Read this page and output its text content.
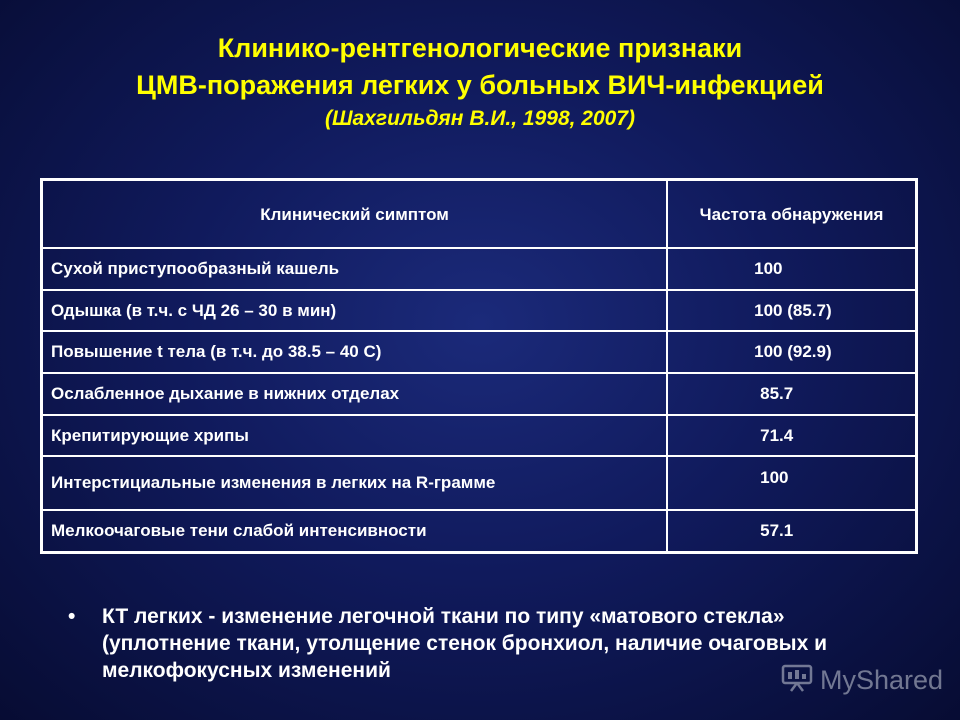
Клинико-рентгенологические признаки
ЦМВ-поражения легких у больных ВИЧ-инфекцией
(Шахгильдян В.И., 1998, 2007)
Клинический симптом	Частота обнаружения
Сухой приступообразный кашель	100
Одышка (в т.ч. с ЧД 26 – 30 в мин)	100 (85.7)
Повышение t тела (в т.ч. до 38.5 – 40 С)	100 (92.9)
Ослабленное дыхание в нижних отделах	85.7
Крепитирующие хрипы	71.4
Интерстициальные изменения в легких на R-грамме	100
Мелкоочаговые тени слабой интенсивности	57.1
•	КТ легких - изменение легочной ткани по типу «матового стекла» (уплотнение ткани, утолщение стенок бронхиол, наличие очаговых и мелкофокусных изменений	MyShared
